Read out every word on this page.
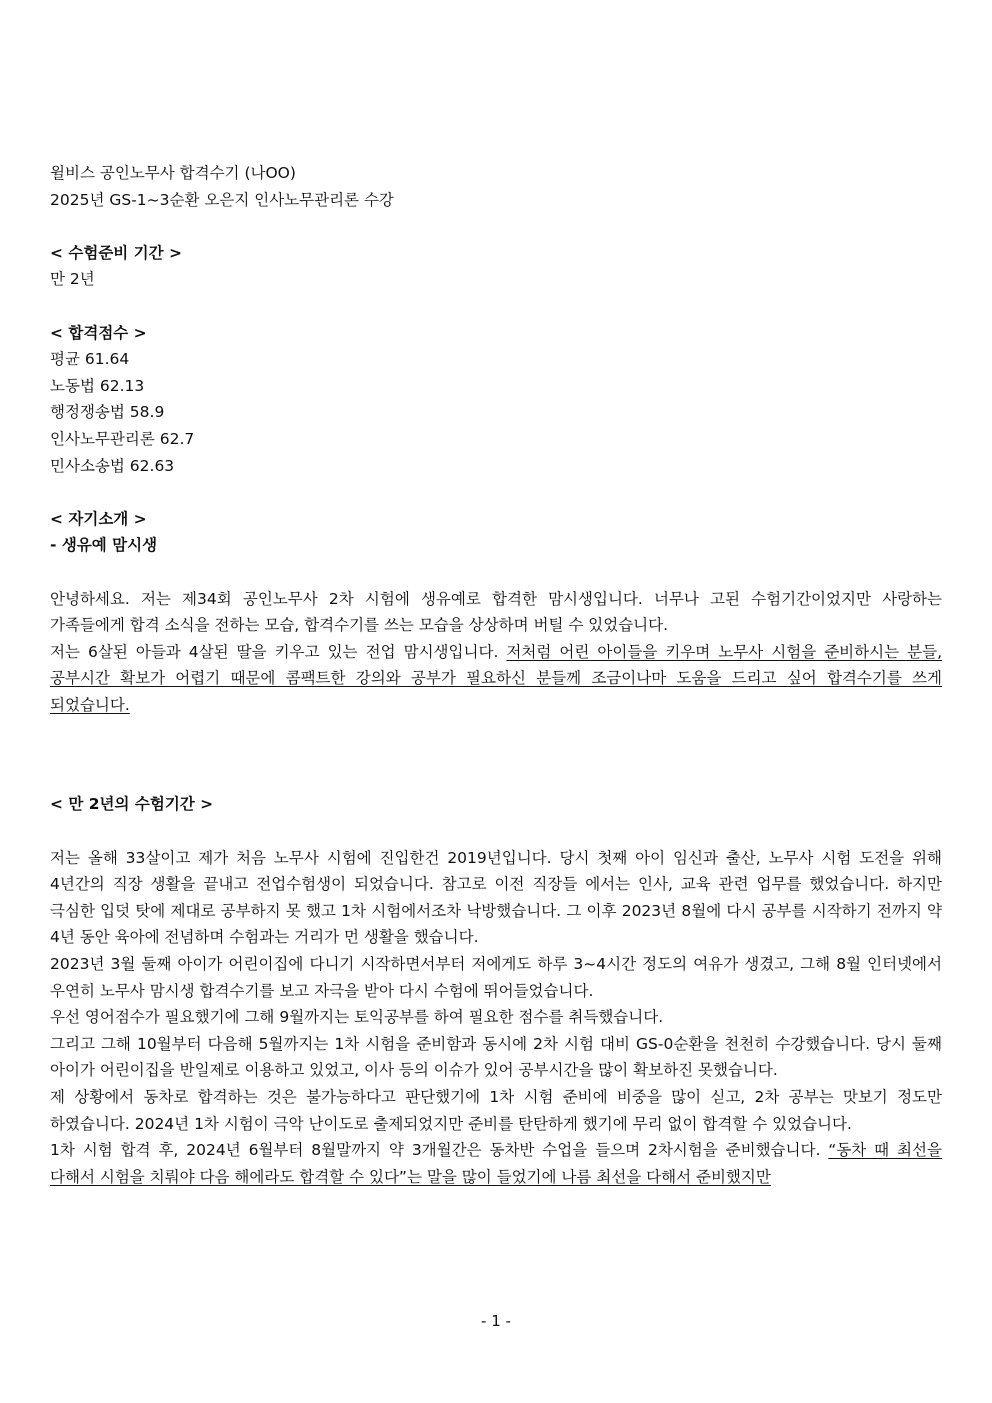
윌비스 공인노무사 합격수기 (나OO)
2025년 GS-1~3순환 오은지 인사노무관리론 수강
< 수험준비 기간 >
만 2년
< 합격점수 >
평균 61.64
노동법 62.13
행정쟁송법 58.9
인사노무관리론 62.7
민사소송법 62.63
< 자기소개 >
- 생유예 맘시생
안녕하세요. 저는 제34회 공인노무사 2차 시험에 생유예로 합격한 맘시생입니다. 너무나 고된 수험기간이었지만 사랑하는 가족들에게 합격 소식을 전하는 모습, 합격수기를 쓰는 모습을 상상하며 버틸 수 있었습니다.
저는 6살된 아들과 4살된 딸을 키우고 있는 전업 맘시생입니다. 저처럼 어린 아이들을 키우며 노무사 시험을 준비하시는 분들, 공부시간 확보가 어렵기 때문에 콤팩트한 강의와 공부가 필요하신 분들께 조금이나마 도움을 드리고 싶어 합격수기를 쓰게 되었습니다.
< 만 2년의 수험기간 >
저는 올해 33살이고 제가 처음 노무사 시험에 진입한건 2019년입니다. 당시 첫째 아이 임신과 출산, 노무사 시험 도전을 위해 4년간의 직장 생활을 끝내고 전업수험생이 되었습니다. 참고로 이전 직장들 에서는 인사, 교육 관련 업무를 했었습니다. 하지만 극심한 입덧 탓에 제대로 공부하지 못 했고 1차 시험에서조차 낙방했습니다. 그 이후 2023년 8월에 다시 공부를 시작하기 전까지 약 4년 동안 육아에 전념하며 수험과는 거리가 먼 생활을 했습니다.
2023년 3월 둘째 아이가 어린이집에 다니기 시작하면서부터 저에게도 하루 3~4시간 정도의 여유가 생겼고, 그해 8월 인터넷에서 우연히 노무사 맘시생 합격수기를 보고 자극을 받아 다시 수험에 뛰어들었습니다.
우선 영어점수가 필요했기에 그해 9월까지는 토익공부를 하여 필요한 점수를 취득했습니다.
그리고 그해 10월부터 다음해 5월까지는 1차 시험을 준비함과 동시에 2차 시험 대비 GS-0순환을 천천히 수강했습니다. 당시 둘째 아이가 어린이집을 반일제로 이용하고 있었고, 이사 등의 이슈가 있어 공부시간을 많이 확보하진 못했습니다.
제 상황에서 동차로 합격하는 것은 불가능하다고 판단했기에 1차 시험 준비에 비중을 많이 싣고, 2차 공부는 맛보기 정도만 하였습니다. 2024년 1차 시험이 극악 난이도로 출제되었지만 준비를 탄탄하게 했기에 무리 없이 합격할 수 있었습니다.
1차 시험 합격 후, 2024년 6월부터 8월말까지 약 3개월간은 동차반 수업을 들으며 2차시험을 준비했습니다. “동차 때 최선을 다해서 시험을 치뤄야 다음 해에라도 합격할 수 있다”는 말을 많이 들었기에 나름 최선을 다해서 준비했지만
- 1 -
